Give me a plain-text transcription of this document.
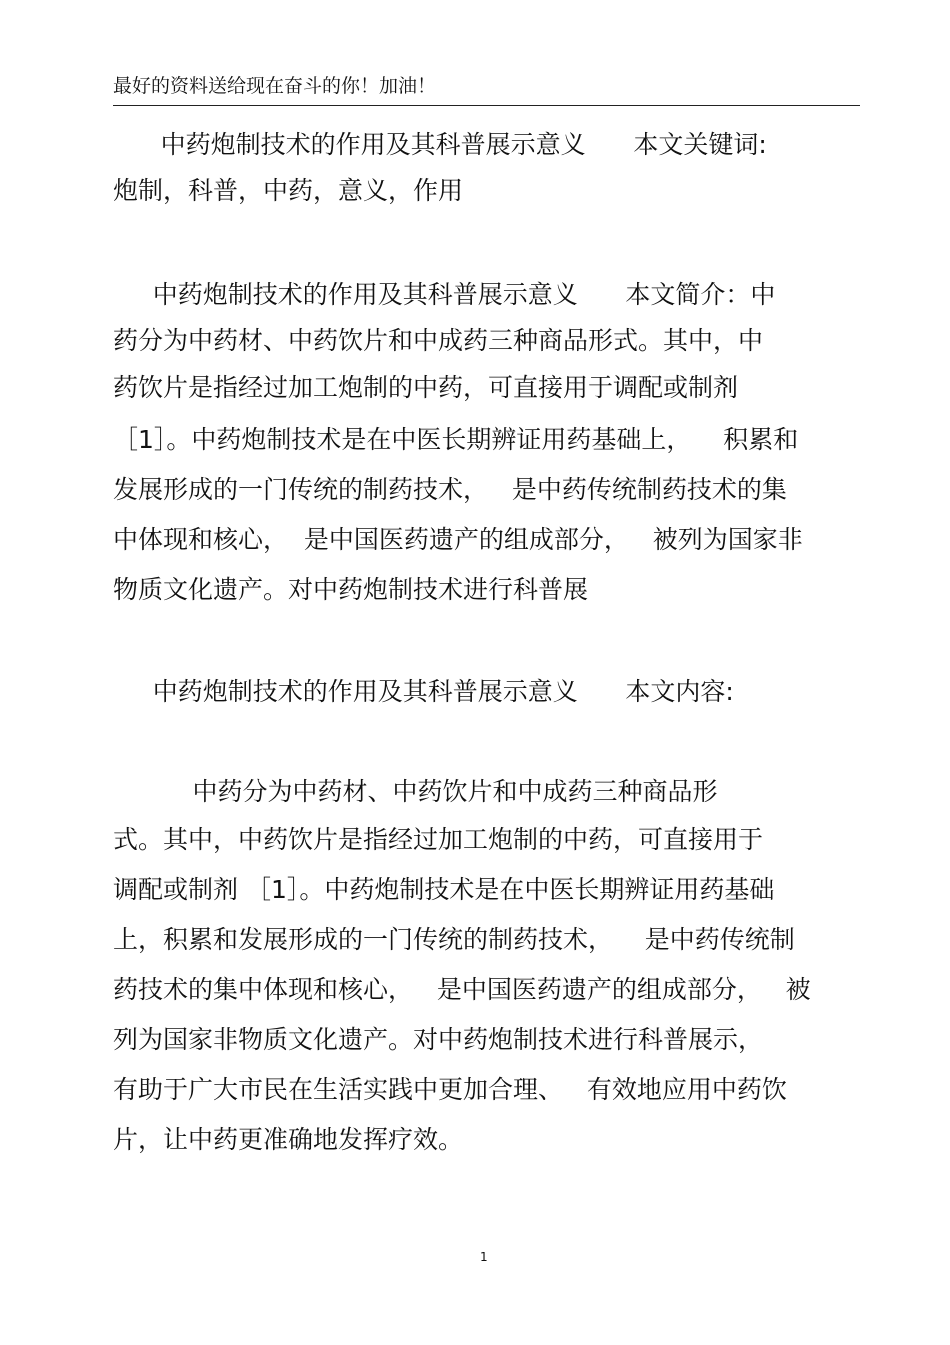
最好的资料送给现在奋斗的你！加油！
中药炮制技术的作用及其科普展示意义      本文关键词:
炮制，科普，中药，意义，作用
中药炮制技术的作用及其科普展示意义      本文简介：中
药分为中药材、中药饮片和中成药三种商品形式。其中，中
药饮片是指经过加工炮制的中药，可直接用于调配或制剂
［1］。中药炮制技术是在中医长期辨证用药基础上，    积累和
发展形成的一门传统的制药技术，   是中药传统制药技术的集
中体现和核心，  是中国医药遗产的组成部分，   被列为国家非
物质文化遗产。对中药炮制技术进行科普展
中药炮制技术的作用及其科普展示意义      本文内容:
中药分为中药材、中药饮片和中成药三种商品形
式。其中，中药饮片是指经过加工炮制的中药，可直接用于
调配或制剂 ［1］。中药炮制技术是在中医长期辨证用药基础
上，积累和发展形成的一门传统的制药技术，    是中药传统制
药技术的集中体现和核心，   是中国医药遗产的组成部分，   被
列为国家非物质文化遗产。对中药炮制技术进行科普展示，
有助于广大市民在生活实践中更加合理、   有效地应用中药饮
片，让中药更准确地发挥疗效。
1
